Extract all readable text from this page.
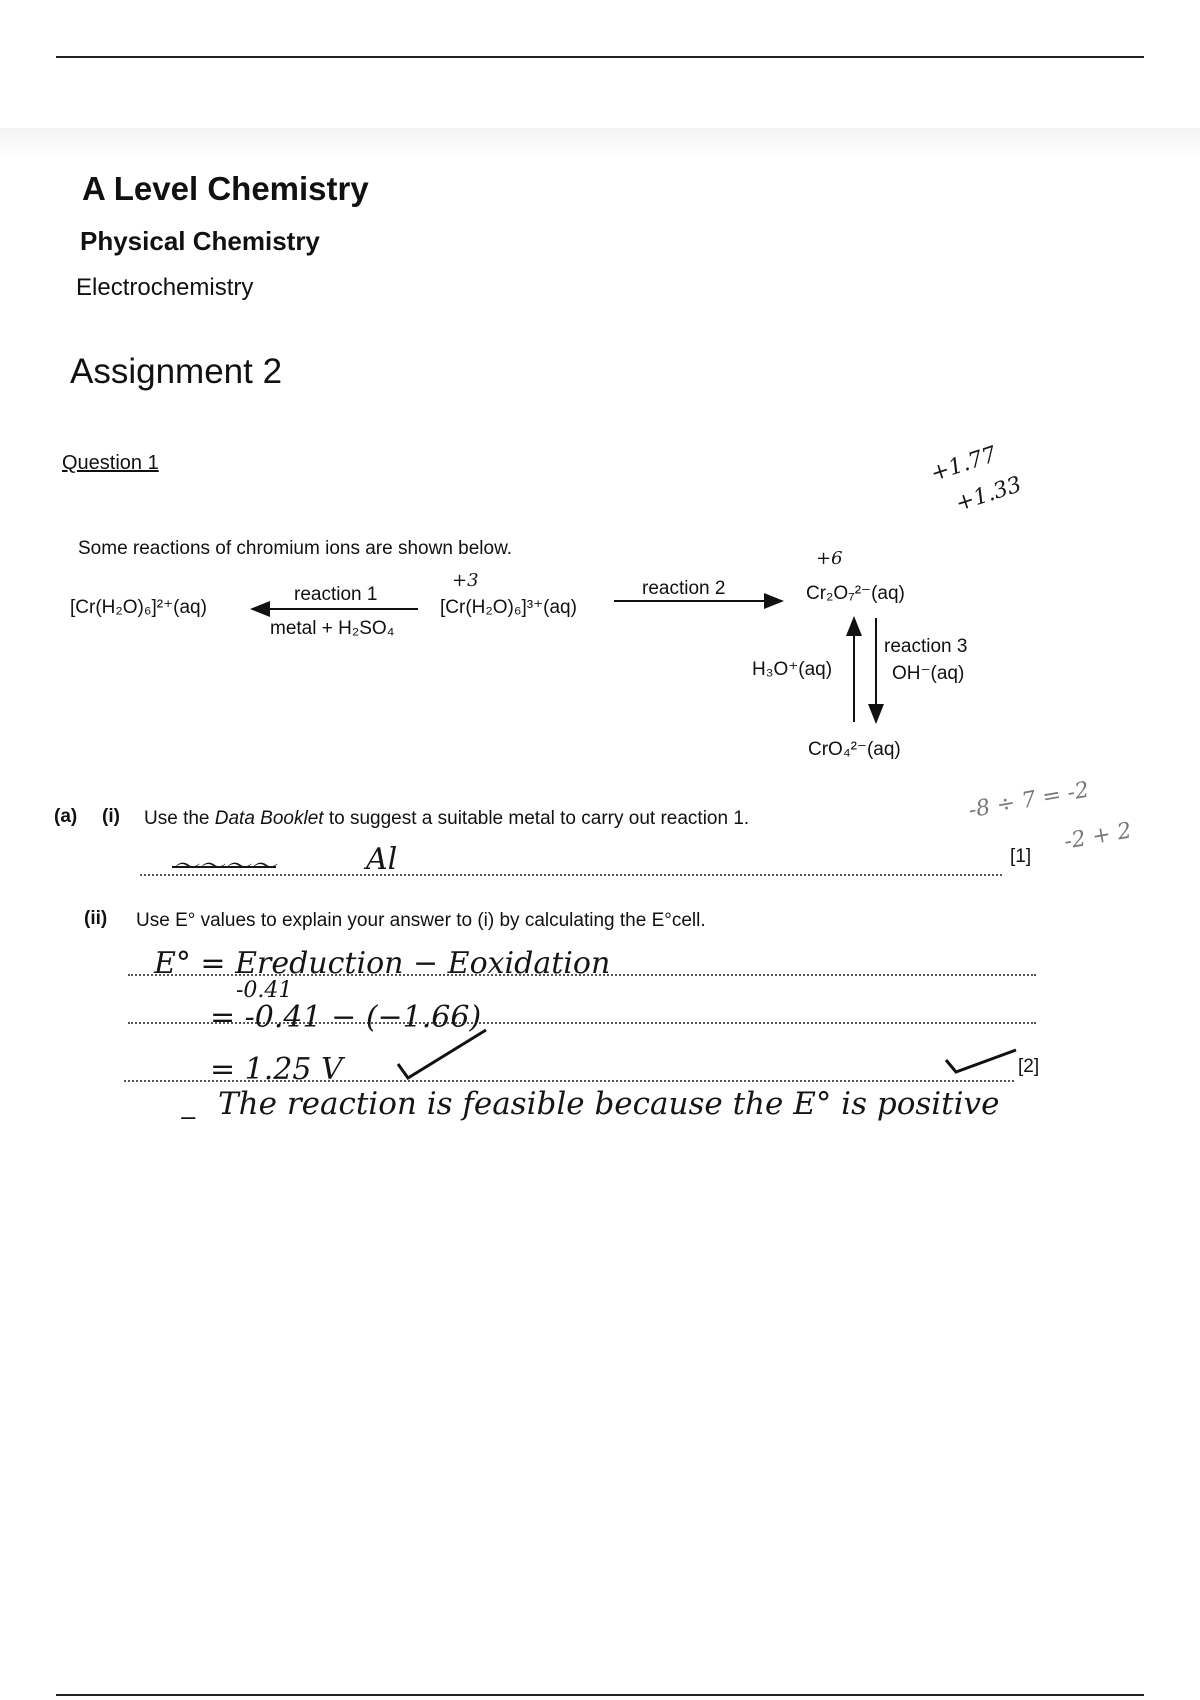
A Level Chemistry
Physical Chemistry
Electrochemistry
Assignment 2
Question 1	+1.77
+1.33
Some reactions of chromium ions are shown below.
[Cr(H₂O)₆]²⁺(aq)
reaction 1
metal + H₂SO₄
+3
[Cr(H₂O)₆]³⁺(aq)
reaction 2
+6
Cr₂O₇²⁻(aq)
H₃O⁺(aq)
reaction 3
OH⁻(aq)
CrO₄²⁻(aq)
(a) (i) Use the Data Booklet to suggest a suitable metal to carry out reaction 1.
〜〜〜〜	Al	[1]
-8 ÷ 7 = -2
-2 + 2
(ii) Use E° values to explain your answer to (i) by calculating the E°cell.
E° = Ereduction − Eoxidation
-0.41
= -0.41 − (−1.66)
= 1.25 V	[2]
‒ The reaction is feasible because the E° is positive
